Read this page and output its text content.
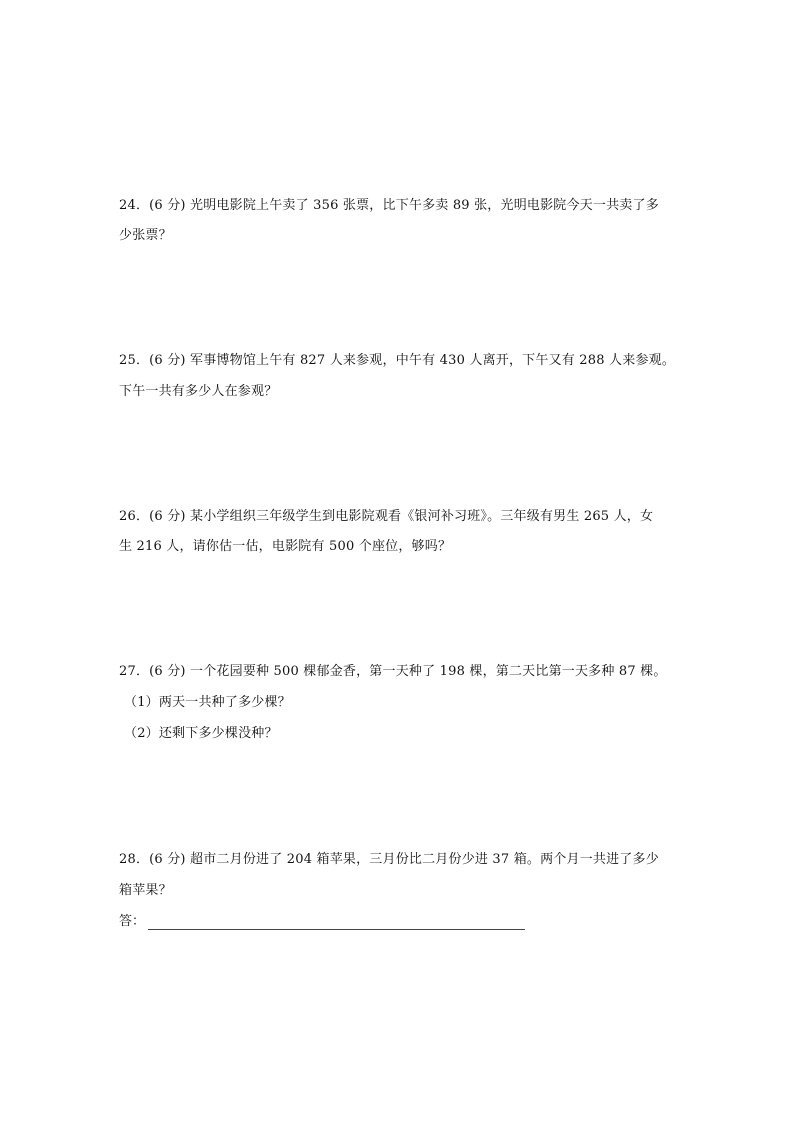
24．(6 分) 光明电影院上午卖了 356 张票，比下午多卖 89 张，光明电影院今天一共卖了多
少张票？
25．(6 分) 军事博物馆上午有 827 人来参观，中午有 430 人离开，下午又有 288 人来参观。
下午一共有多少人在参观？
26．(6 分) 某小学组织三年级学生到电影院观看《银河补习班》。三年级有男生 265 人，女
生 216 人，请你估一估，电影院有 500 个座位，够吗？
27．(6 分) 一个花园要种 500 棵郁金香，第一天种了 198 棵，第二天比第一天多种 87 棵。
（1）两天一共种了多少棵？
（2）还剩下多少棵没种？
28．(6 分) 超市二月份进了 204 箱苹果，三月份比二月份少进 37 箱。两个月一共进了多少
箱苹果？
答：
